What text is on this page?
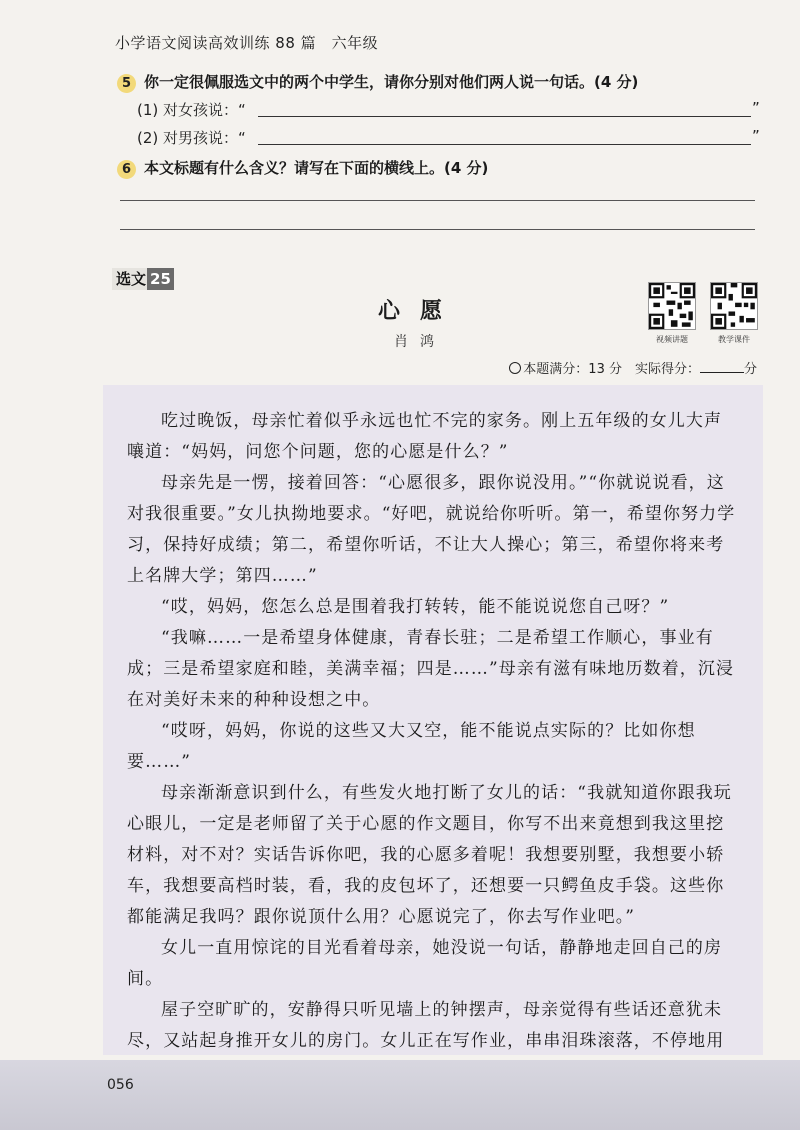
小学语文阅读高效训练 88 篇　六年级
5 你一定很佩服选文中的两个中学生，请你分别对他们两人说一句话。(4 分)
(1) 对女孩说：“	”
(2) 对男孩说：“	”
6 本文标题有什么含义？请写在下面的横线上。(4 分)
选文 25
心愿
肖鸿	视频讲题	教学课件
本题满分：13 分　实际得分：	分

吃过晚饭，母亲忙着似乎永远也忙不完的家务。刚上五年级的女儿大声嚷道：“妈妈，问您个问题，您的心愿是什么？”

母亲先是一愣，接着回答：“心愿很多，跟你说没用。”“你就说说看，这对我很重要。”女儿执拗地要求。“好吧，就说给你听听。第一，希望你努力学习，保持好成绩；第二，希望你听话，不让大人操心；第三，希望你将来考上名牌大学；第四……”

“哎，妈妈，您怎么总是围着我打转转，能不能说说您自己呀？”

“我嘛……一是希望身体健康，青春长驻；二是希望工作顺心，事业有成；三是希望家庭和睦，美满幸福；四是……”母亲有滋有味地历数着，沉浸在对美好未来的种种设想之中。

“哎呀，妈妈，你说的这些又大又空，能不能说点实际的？比如你想要……”

母亲渐渐意识到什么，有些发火地打断了女儿的话：“我就知道你跟我玩心眼儿，一定是老师留了关于心愿的作文题目，你写不出来竟想到我这里挖材料，对不对？实话告诉你吧，我的心愿多着呢！我想要别墅，我想要小轿车，我想要高档时装，看，我的皮包坏了，还想要一只鳄鱼皮手袋。这些你都能满足我吗？跟你说顶什么用？心愿说完了，你去写作业吧。”

女儿一直用惊诧的目光看着母亲，她没说一句话，静静地走回自己的房间。

屋子空旷旷的，安静得只听见墙上的钟摆声，母亲觉得有些话还意犹未尽，又站起身推开女儿的房门。女儿正在写作业，串串泪珠滚落，不停地用

056
